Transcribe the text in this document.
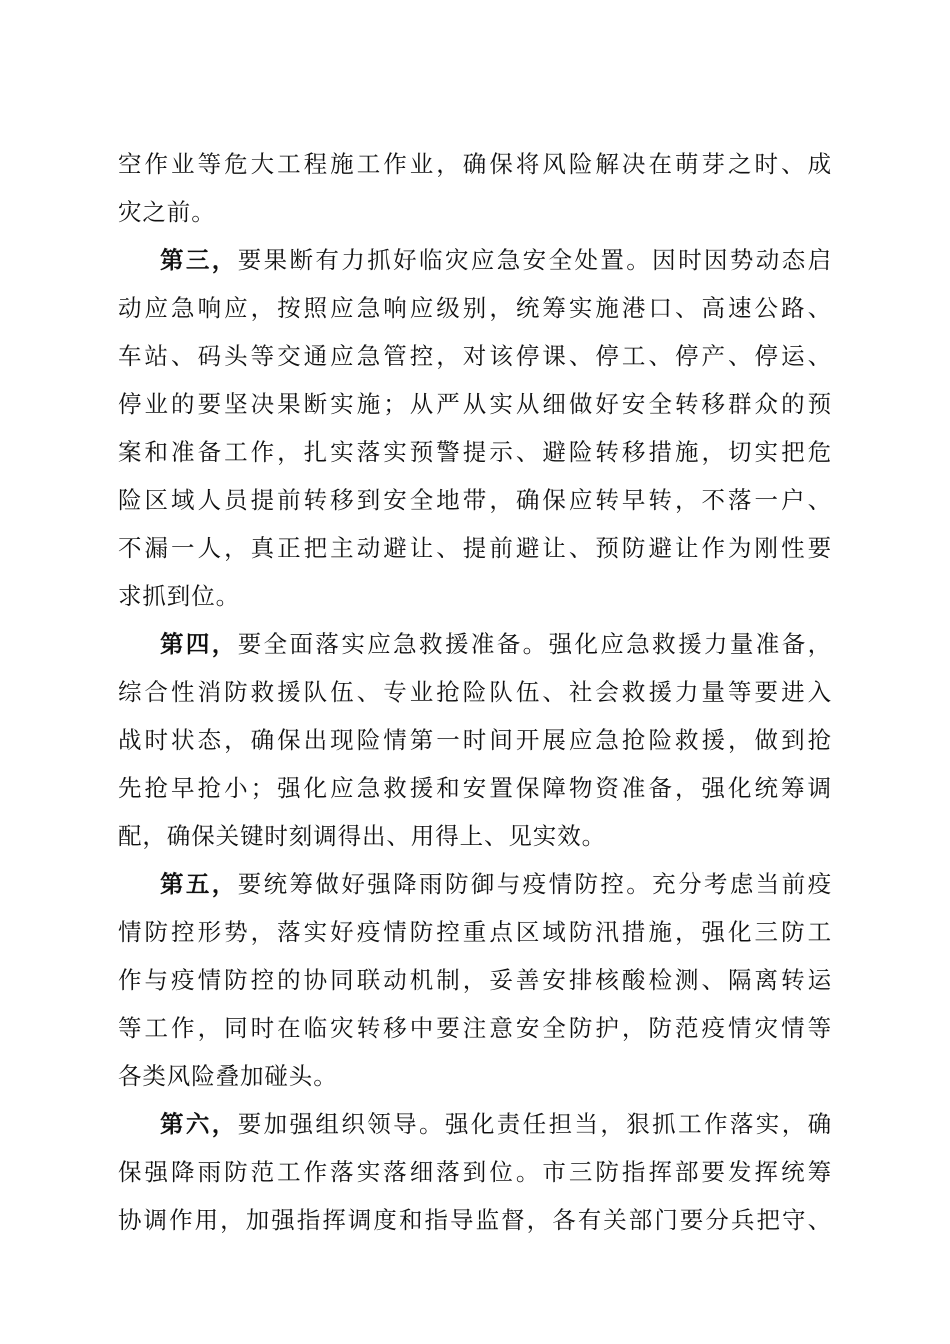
空作业等危大工程施工作业，确保将风险解决在萌芽之时、成
灾之前。
第三，要果断有力抓好临灾应急安全处置。因时因势动态启
动应急响应，按照应急响应级别，统筹实施港口、高速公路、
车站、码头等交通应急管控，对该停课、停工、停产、停运、
停业的要坚决果断实施；从严从实从细做好安全转移群众的预
案和准备工作，扎实落实预警提示、避险转移措施，切实把危
险区域人员提前转移到安全地带，确保应转早转，不落一户、
不漏一人，真正把主动避让、提前避让、预防避让作为刚性要
求抓到位。
第四，要全面落实应急救援准备。强化应急救援力量准备，
综合性消防救援队伍、专业抢险队伍、社会救援力量等要进入
战时状态，确保出现险情第一时间开展应急抢险救援，做到抢
先抢早抢小；强化应急救援和安置保障物资准备，强化统筹调
配，确保关键时刻调得出、用得上、见实效。
第五，要统筹做好强降雨防御与疫情防控。充分考虑当前疫
情防控形势，落实好疫情防控重点区域防汛措施，强化三防工
作与疫情防控的协同联动机制，妥善安排核酸检测、隔离转运
等工作，同时在临灾转移中要注意安全防护，防范疫情灾情等
各类风险叠加碰头。
第六，要加强组织领导。强化责任担当，狠抓工作落实，确
保强降雨防范工作落实落细落到位。市三防指挥部要发挥统筹
协调作用，加强指挥调度和指导监督，各有关部门要分兵把守、
